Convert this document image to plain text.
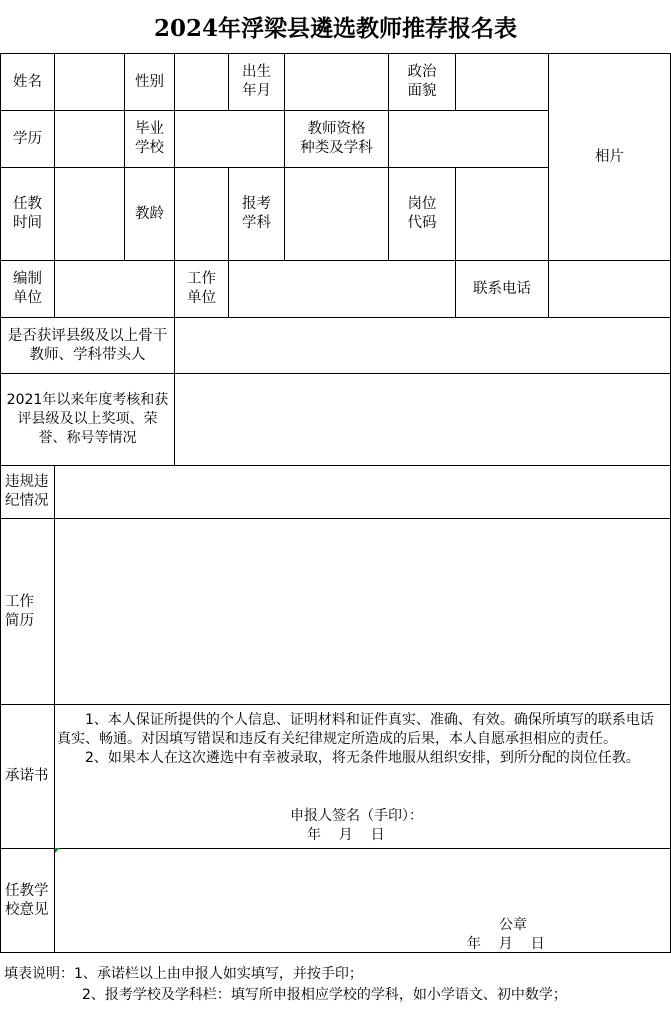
2024年浮梁县遴选教师推荐报名表
姓名	性别
出生
年月
政治
面貌
相片
学历
毕业
学校
教师资格
种类及学科
任教
时间
教龄
报考
学科
岗位
代码
编制
单位
工作
单位
联系电话
是否获评县级及以上骨干教师、学科带头人
2021年以来年度考核和获评县级及以上奖项、荣誉、称号等情况
违规违纪情况
工作
简历
承诺书

1、本人保证所提供的个人信息、证明材料和证件真实、准确、有效。确保所填写的联系电话真实、畅通。对因填写错误和违反有关纪律规定所造成的后果，本人自愿承担相应的责任。

2、如果本人在这次遴选中有幸被录取，将无条件地服从组织安排，到所分配的岗位任教。

申报人签名（手印）：
年    月    日
任教学校意见
公章
年    月    日
填表说明：1、承诺栏以上由申报人如实填写，并按手印；
2、报考学校及学科栏：填写所申报相应学校的学科，如小学语文、初中数学；
